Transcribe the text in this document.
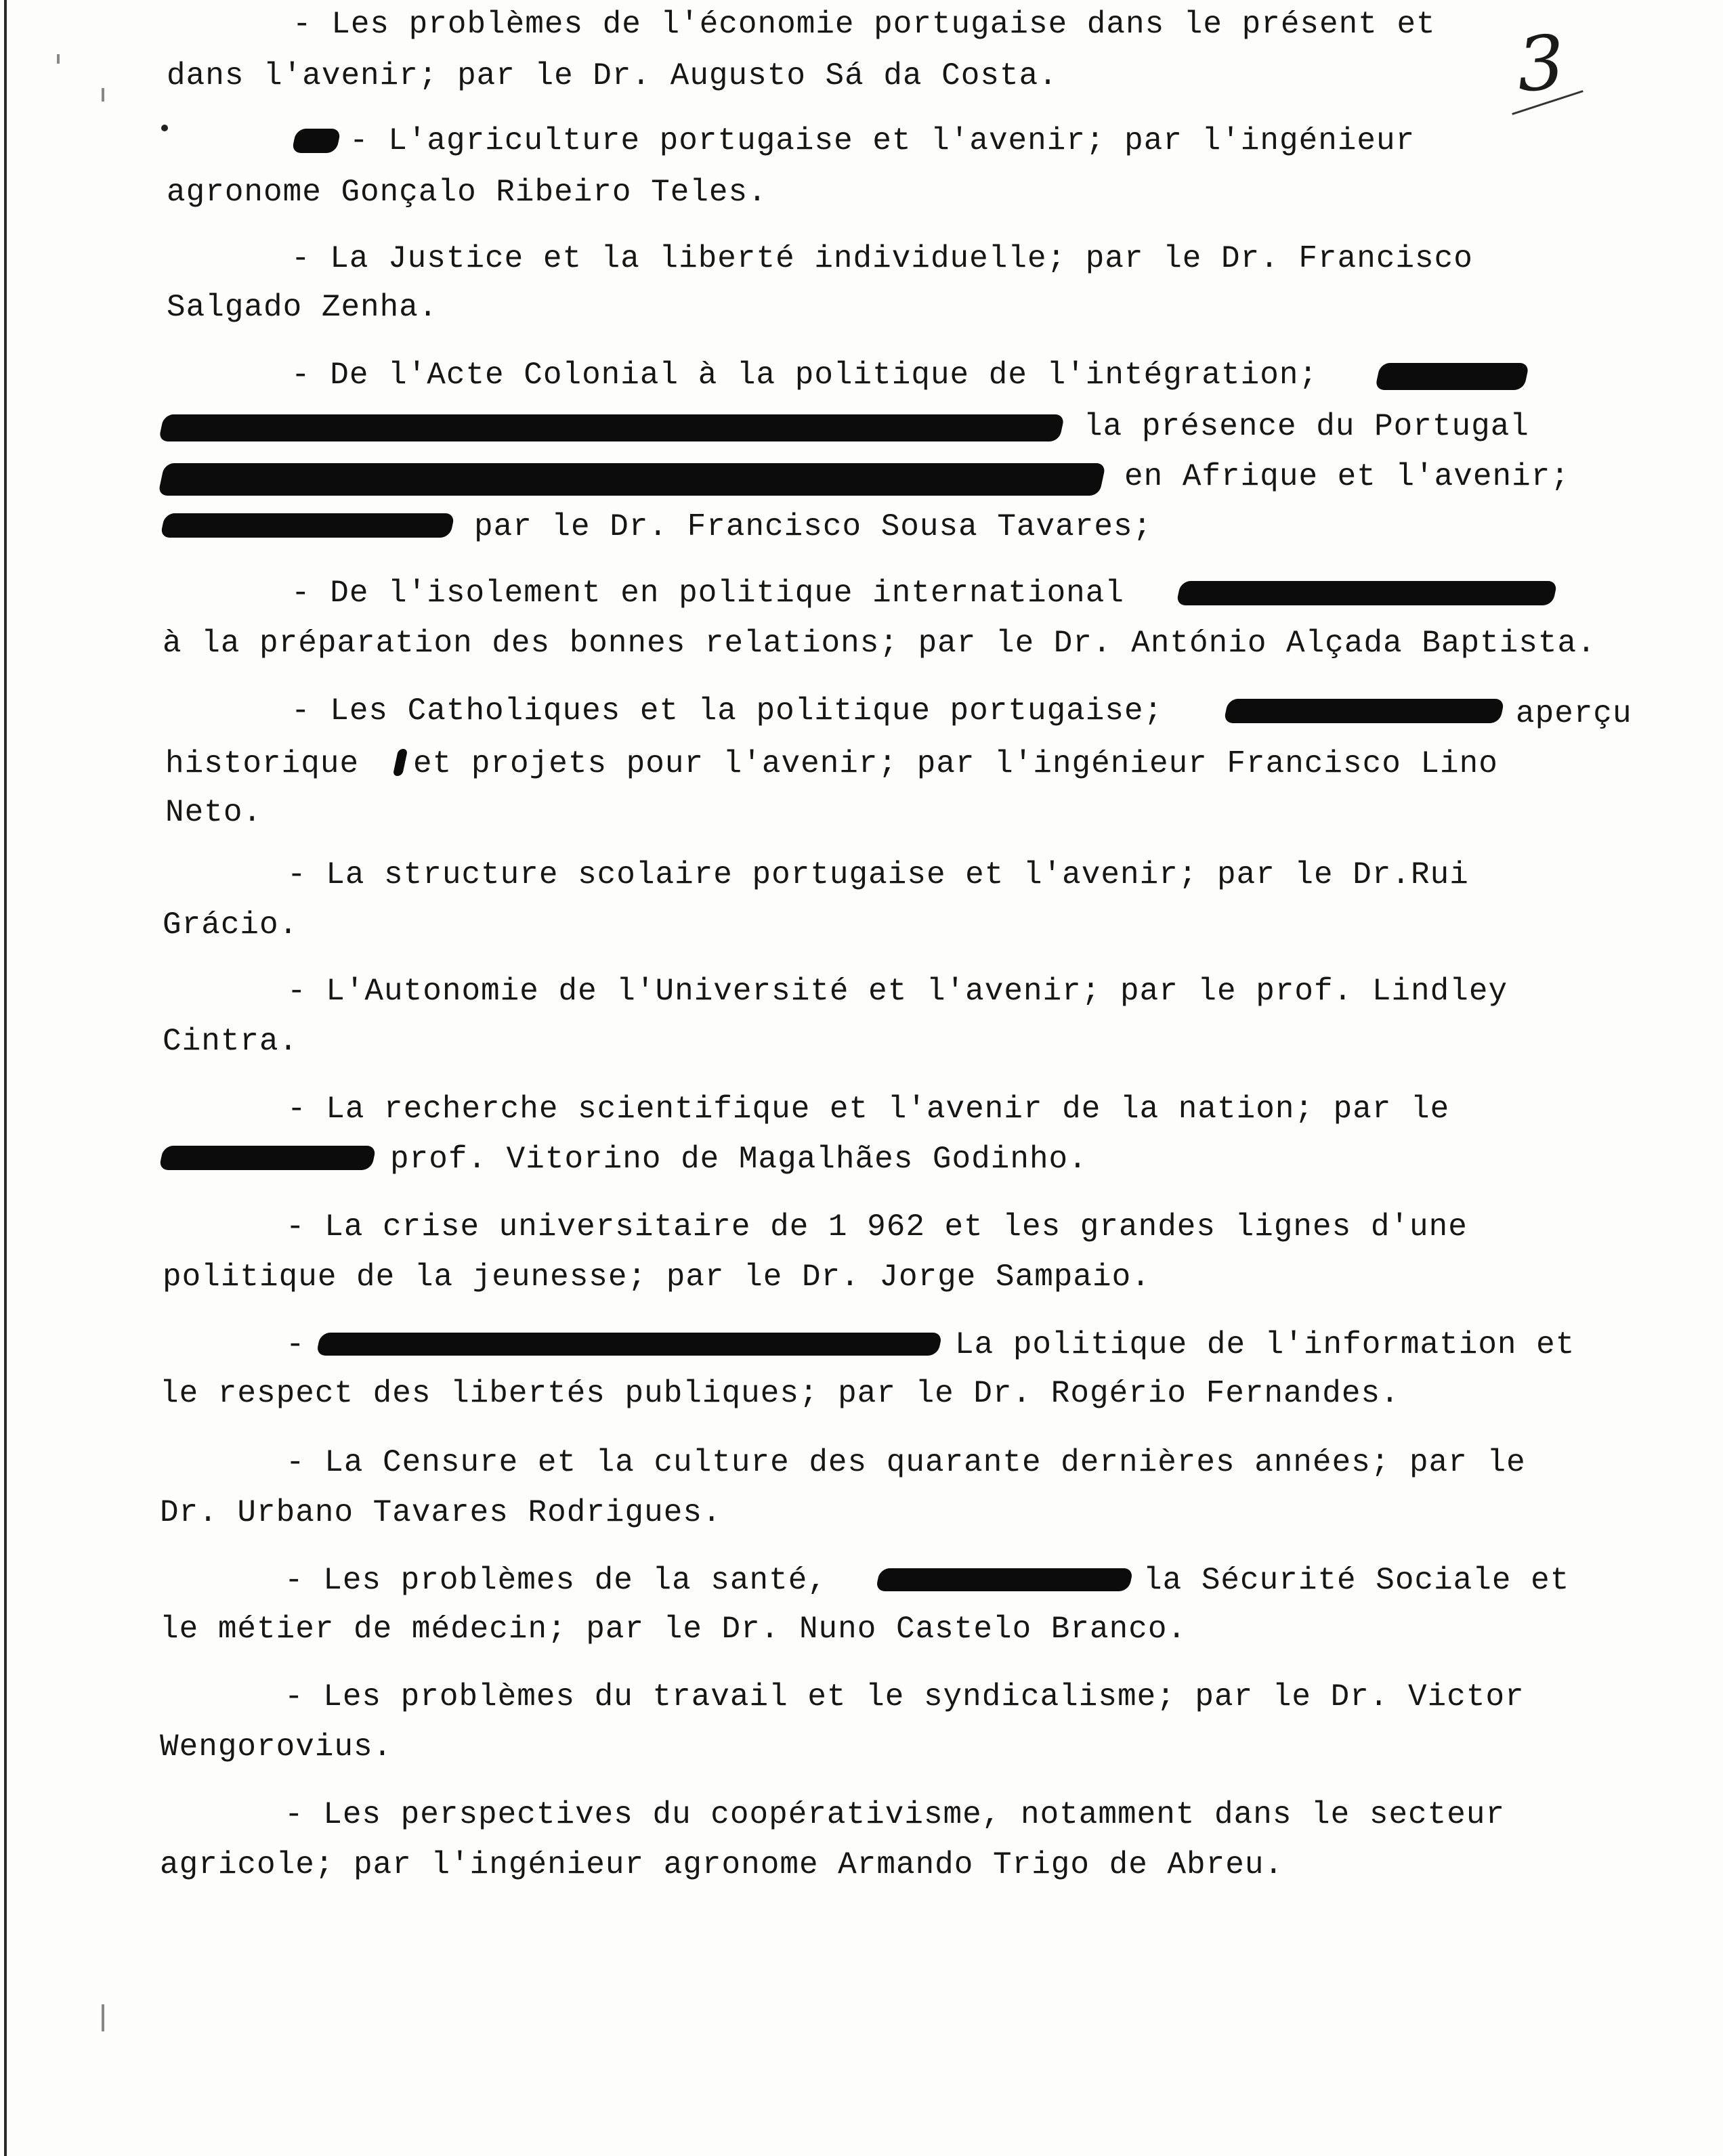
3
- Les problèmes de l'économie portugaise dans le présent et
dans l'avenir; par le Dr. Augusto Sá da Costa.
- L'agriculture portugaise et l'avenir; par l'ingénieur
agronome Gonçalo Ribeiro Teles.
- La Justice et la liberté individuelle; par le Dr. Francisco
Salgado Zenha.
- De l'Acte Colonial à la politique de l'intégration;
la présence du Portugal
en Afrique et l'avenir;
par le Dr. Francisco Sousa Tavares;
- De l'isolement en politique international
à la préparation des bonnes relations; par le Dr. António Alçada Baptista.
- Les Catholiques et la politique portugaise;	aperçu
historique et projets pour l'avenir; par l'ingénieur Francisco Lino
Neto.
- La structure scolaire portugaise et l'avenir; par le Dr.Rui
Grácio.
- L'Autonomie de l'Université et l'avenir; par le prof. Lindley
Cintra.
- La recherche scientifique et l'avenir de la nation; par le
prof. Vitorino de Magalhães Godinho.
- La crise universitaire de 1 962 et les grandes lignes d'une
politique de la jeunesse; par le Dr. Jorge Sampaio.
-	La politique de l'information et
le respect des libertés publiques; par le Dr. Rogério Fernandes.
- La Censure et la culture des quarante dernières années; par le
Dr. Urbano Tavares Rodrigues.
- Les problèmes de la santé,	la Sécurité Sociale et
le métier de médecin; par le Dr. Nuno Castelo Branco.
- Les problèmes du travail et le syndicalisme; par le Dr. Victor
Wengorovius.
- Les perspectives du coopérativisme, notamment dans le secteur
agricole; par l'ingénieur agronome Armando Trigo de Abreu.
